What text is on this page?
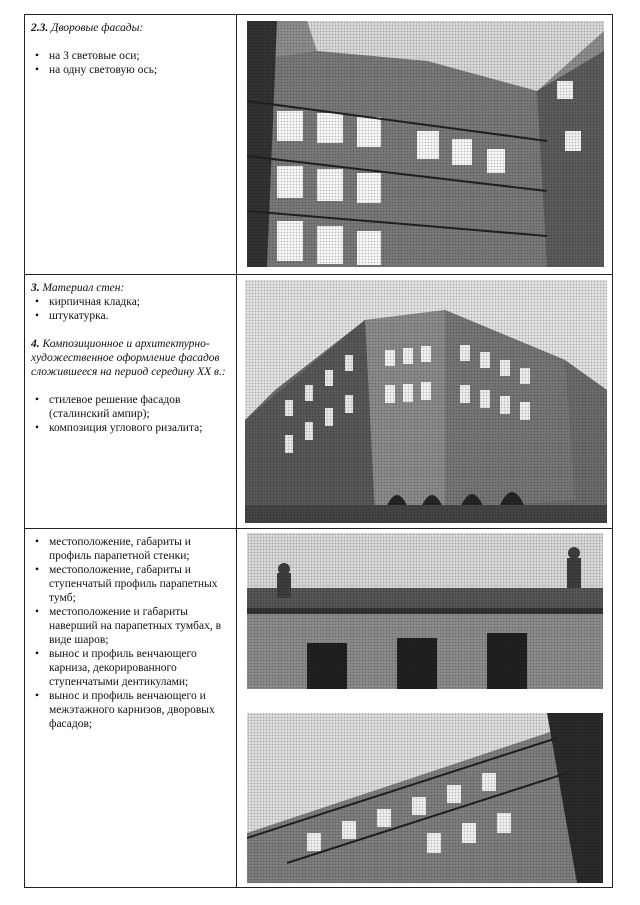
2.3. Дворовые фасады:

• на 3 световые оси;
• на одну световую ось;

3. Материал стен:

• кирпичная кладка;
• штукатурка.

4. Композиционное и архитектурно-художественное оформление фасадов сложившееся на период середину XX в.:

• стилевое решение фасадов (сталинский ампир);
• композиция углового ризалита;
• местоположение, габариты и профиль парапетной стенки;
• местоположение, габариты и ступенчатый профиль парапетных тумб;
• местоположение и габариты наверший на парапетных тумбах, в виде шаров;
• вынос и профиль венчающего карниза, декорированного ступенчатыми дентикулами;
• вынос и профиль венчающего и межэтажного карнизов, дворовых фасадов;
